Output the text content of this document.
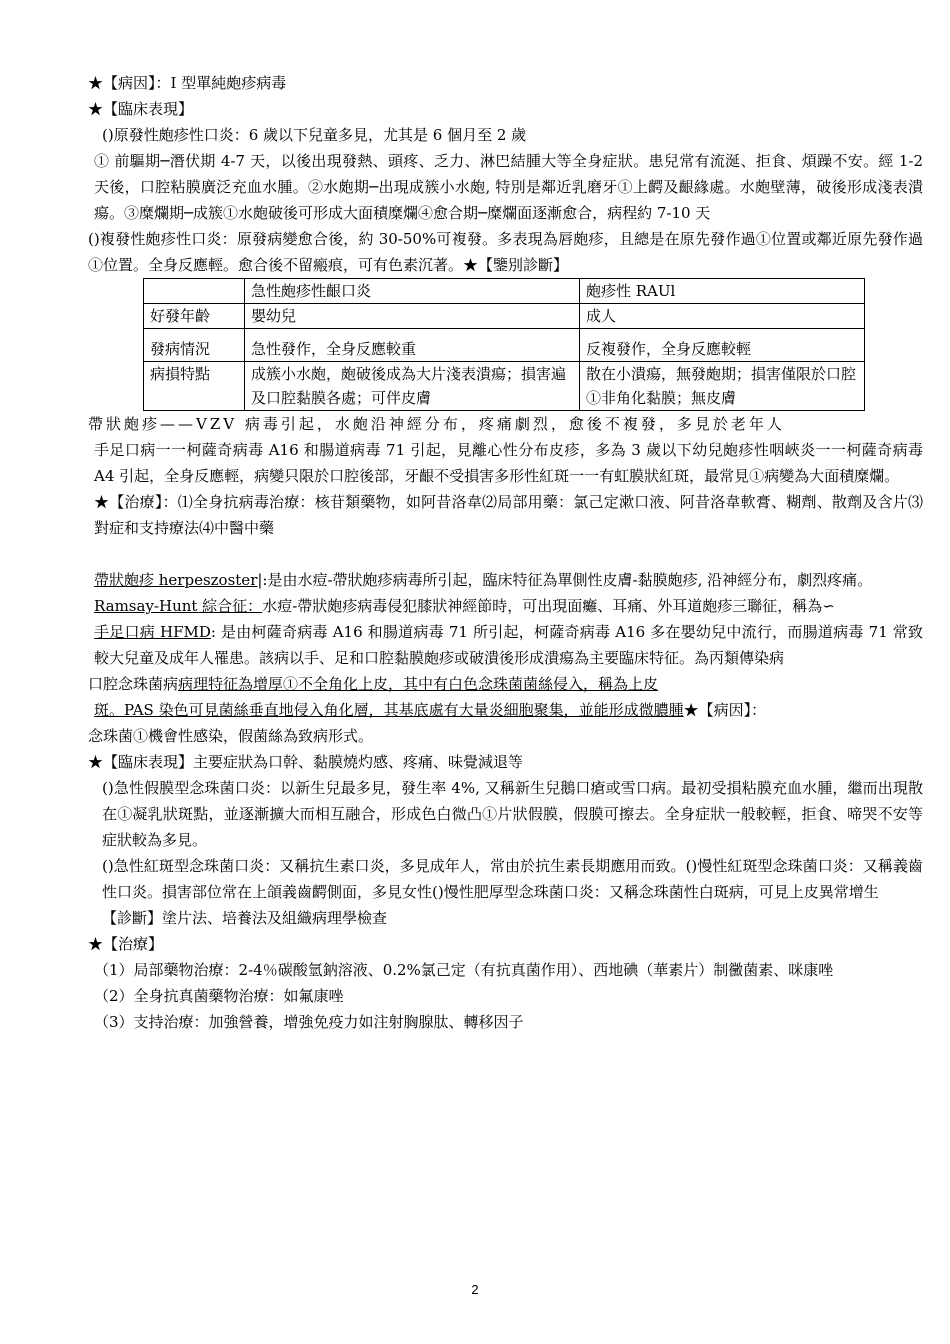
★【病因】：I 型單純皰疹病毒

★【臨床表現】

()原發性皰疹性口炎：6 歲以下兒童多見，尤其是 6 個月至 2 歲

① 前驅期─潛伏期 4-7 天，以後出現發熱、頭疼、乏力、淋巴結腫大等全身症狀。患兒常有流涎、拒食、煩躁不安。經 1-2 天後，口腔粘膜廣泛充血水腫。②水皰期─出現成簇小水皰, 特別是鄰近乳磨牙①上齶及齦緣處。水皰壁薄，破後形成淺表潰瘍。③糜爛期─成簇①水皰破後可形成大面積糜爛④愈合期─糜爛面逐漸愈合，病程約 7-10 天

()複發性皰疹性口炎：原發病變愈合後，約 30-50%可複發。多表現為唇皰疹，且總是在原先發作過①位置或鄰近原先發作過①位置。全身反應輕。愈合後不留瘢痕，可有色素沉著。★【鑒別診斷】

	急性皰疹性齦口炎	皰疹性 RAUl
好發年齡	嬰幼兒	成人
發病情況	急性發作，全身反應較重	反複發作，全身反應較輕
病損特點	成簇小水皰，皰破後成為大片淺表潰瘍；損害遍及口腔黏膜各處；可伴皮膚	散在小潰瘍，無發皰期；損害僅限於口腔①非角化黏膜；無皮膚

帶狀皰疹——VZV 病毒引起，水皰沿神經分布，疼痛劇烈，愈後不複發，多見於老年人

手足口病一一柯薩奇病毒 A16 和腸道病毒 71 引起，見離心性分布皮疹，多為 3 歲以下幼兒皰疹性咽峽炎一一柯薩奇病毒 A4 引起，全身反應輕，病變只限於口腔後部，牙齦不受損害多形性紅斑一一有虹膜狀紅斑，最常見①病變為大面積糜爛。

★【治療】：⑴全身抗病毒治療：核苷類藥物，如阿昔洛韋⑵局部用藥：氯己定漱口液、阿昔洛韋軟膏、糊劑、散劑及含片⑶對症和支持療法⑷中醫中藥

帶狀皰疹 herpeszoster|:是由水痘-帶狀皰疹病毒所引起，臨床特征為單側性皮膚-黏膜皰疹, 沿神經分布，劇烈疼痛。

Ramsay-Hunt 綜合征：水痘-帶狀皰疹病毒侵犯膝狀神經節時，可出現面癱、耳痛、外耳道皰疹三聯征，稱為∽

手足口病 HFMD: 是由柯薩奇病毒 A16 和腸道病毒 71 所引起，柯薩奇病毒 A16 多在嬰幼兒中流行，而腸道病毒 71 常致較大兒童及成年人罹患。該病以手、足和口腔黏膜皰疹或破潰後形成潰瘍為主要臨床特征。為丙類傳染病

口腔念珠菌病病理特征為增厚①不全角化上皮，其中有白色念珠菌菌絲侵入，稱為上皮

斑。PAS 染色可見菌絲垂直地侵入角化層，其基底處有大量炎細胞聚集，並能形成微膿腫★【病因】：

念珠菌①機會性感染，假菌絲為致病形式。

★【臨床表現】主要症狀為口幹、黏膜燒灼感、疼痛、味覺減退等

()急性假膜型念珠菌口炎：以新生兒最多見，發生率 4%, 又稱新生兒鵝口瘡或雪口病。最初受損粘膜充血水腫，繼而出現散在①凝乳狀斑點，並逐漸擴大而相互融合，形成色白微凸①片狀假膜，假膜可擦去。全身症狀一般較輕，拒食、啼哭不安等症狀較為多見。

()急性紅斑型念珠菌口炎：又稱抗生素口炎，多見成年人，常由於抗生素長期應用而致。()慢性紅斑型念珠菌口炎：又稱義齒性口炎。損害部位常在上頜義齒齶側面，多見女性()慢性肥厚型念珠菌口炎：又稱念珠菌性白斑病，可見上皮異常增生

【診斷】塗片法、培養法及組織病理學檢查

★【治療】

（1）局部藥物治療：2-4％碳酸氫鈉溶液、0.2%氯己定（有抗真菌作用）、西地碘（華素片）制黴菌素、咪康唑

（2）全身抗真菌藥物治療：如氟康唑

（3）支持治療：加強營養，增強免疫力如注射胸腺肽、轉移因子

2
